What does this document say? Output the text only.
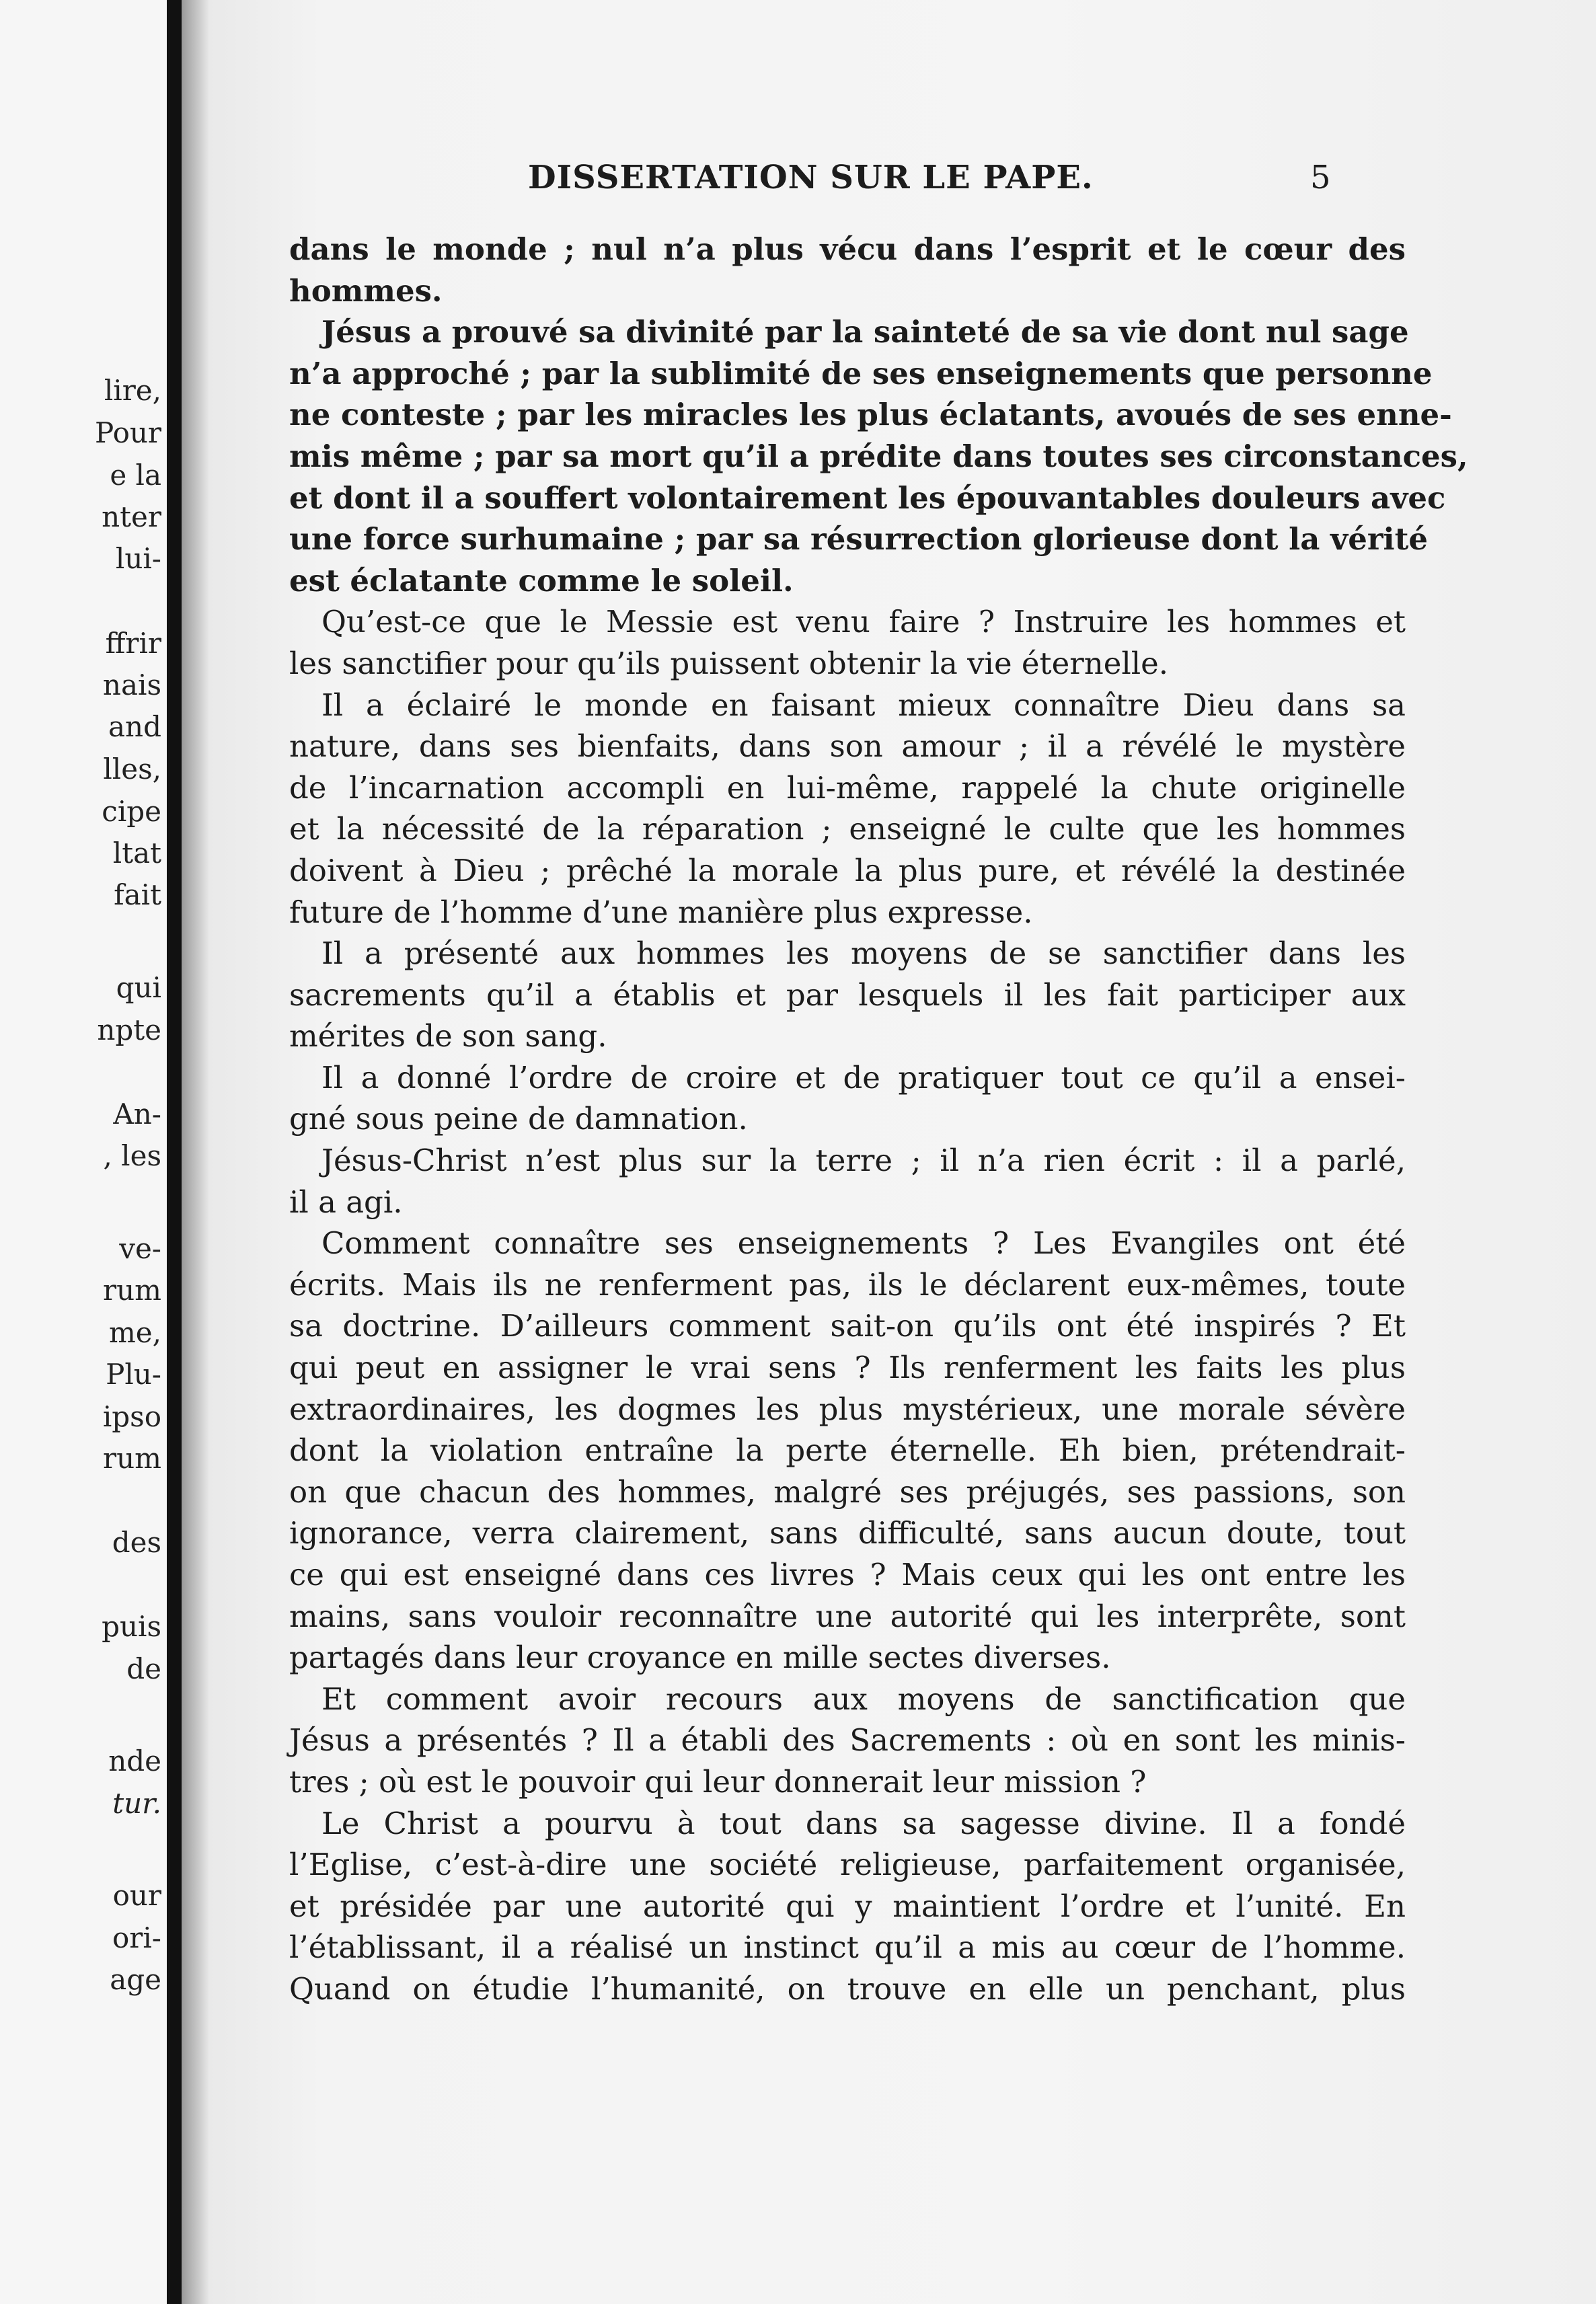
lire,
Pour
e la
nter
lui-
ffrir
nais
and
lles,
cipe
ltat
fait
qui
npte
An-
, les
ve-
rum
me,
Plu-
ipso
rum
des
puis
de
nde
tur.
our
ori-
age
DISSERTATION SUR LE PAPE.	5
dans le monde ; nul n’a plus vécu dans l’esprit et le cœur des
hommes.
Jésus a prouvé sa divinité par la sainteté de sa vie dont nul sage
n’a approché ; par la sublimité de ses enseignements que personne
ne conteste ; par les miracles les plus éclatants, avoués de ses enne-
mis même ; par sa mort qu’il a prédite dans toutes ses circonstances,
et dont il a souffert volontairement les épouvantables douleurs avec
une force surhumaine ; par sa résurrection glorieuse dont la vérité
est éclatante comme le soleil.
Qu’est-ce que le Messie est venu faire ? Instruire les hommes et
les sanctifier pour qu’ils puissent obtenir la vie éternelle.
Il a éclairé le monde en faisant mieux connaître Dieu dans sa
nature, dans ses bienfaits, dans son amour ; il a révélé le mystère
de l’incarnation accompli en lui-même, rappelé la chute originelle
et la nécessité de la réparation ; enseigné le culte que les hommes
doivent à Dieu ; prêché la morale la plus pure, et révélé la destinée
future de l’homme d’une manière plus expresse.
Il a présenté aux hommes les moyens de se sanctifier dans les
sacrements qu’il a établis et par lesquels il les fait participer aux
mérites de son sang.
Il a donné l’ordre de croire et de pratiquer tout ce qu’il a ensei-
gné sous peine de damnation.
Jésus-Christ n’est plus sur la terre ; il n’a rien écrit : il a parlé,
il a agi.
Comment connaître ses enseignements ? Les Evangiles ont été
écrits. Mais ils ne renferment pas, ils le déclarent eux-mêmes, toute
sa doctrine. D’ailleurs comment sait-on qu’ils ont été inspirés ? Et
qui peut en assigner le vrai sens ? Ils renferment les faits les plus
extraordinaires, les dogmes les plus mystérieux, une morale sévère
dont la violation entraîne la perte éternelle. Eh bien, prétendrait-
on que chacun des hommes, malgré ses préjugés, ses passions, son
ignorance, verra clairement, sans difficulté, sans aucun doute, tout
ce qui est enseigné dans ces livres ? Mais ceux qui les ont entre les
mains, sans vouloir reconnaître une autorité qui les interprête, sont
partagés dans leur croyance en mille sectes diverses.
Et comment avoir recours aux moyens de sanctification que
Jésus a présentés ? Il a établi des Sacrements : où en sont les minis-
tres ; où est le pouvoir qui leur donnerait leur mission ?
Le Christ a pourvu à tout dans sa sagesse divine. Il a fondé
l’Eglise, c’est-à-dire une société religieuse, parfaitement organisée,
et présidée par une autorité qui y maintient l’ordre et l’unité. En
l’établissant, il a réalisé un instinct qu’il a mis au cœur de l’homme.
Quand on étudie l’humanité, on trouve en elle un penchant, plus
